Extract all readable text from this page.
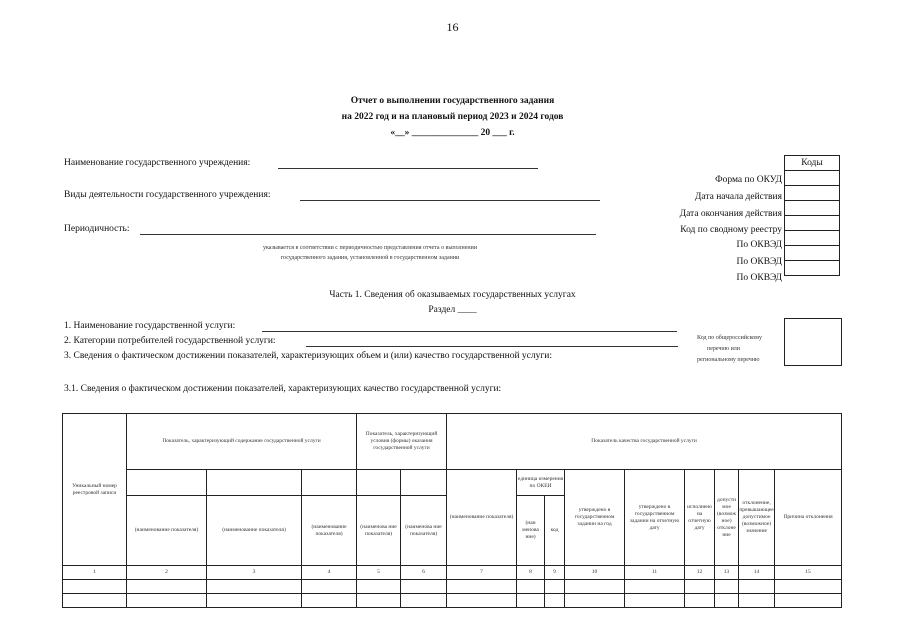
16
Отчет о выполнении государственного задания
на 2022 год и на плановый период 2023 и 2024 годов
«__» ______________ 20 ___ г.
Наименование государственного учреждения:
Виды деятельности государственного учреждения:
Периодичность:
указывается в соответствии с периодичностью представления отчета о выполнении
государственного задания, установленной в государственном задании
Форма по ОКУД
Дата начала действия
Дата окончания действия
Код по сводному реестру
По ОКВЭД
По ОКВЭД
По ОКВЭД
Коды

Часть 1. Сведения об оказываемых государственных услугах
Раздел ____
1. Наименование государственной услуги:
2. Категории потребителей государственной услуги:
3. Сведения о фактическом достижении показателей, характеризующих объем и (или) качество государственной услуги:
Код по общероссийскому
перечню или
региональному перечню
3.1. Сведения о фактическом достижении показателей, характеризующих качество государственной услуги:
Уникальный номер реестровой записи	Показатель, характеризующий содержание государственной услуги			Показатель, характеризующий условия (формы) оказания государственной услуги		Показатель качества государственной услуги								
						(наименование показателя)	единица измерения по ОКЕИ		утверждено в государственном задании на год	утверждено в государственном задании на отчетную дату	исполнено на отчетную дату	допусти мое (возмож ное) отклоне ние	отклонение, превышающее допустимое (возможное) значение	Причина отклонения
	(наименование показателя)	(наименование показателя)	(наименование показателя)	(наименова ние показателя)	(наименова ние показателя)		(наи менова ние)	код						
1	2	3	4	5	6	7	8	9	10	11	12	13	14	15
